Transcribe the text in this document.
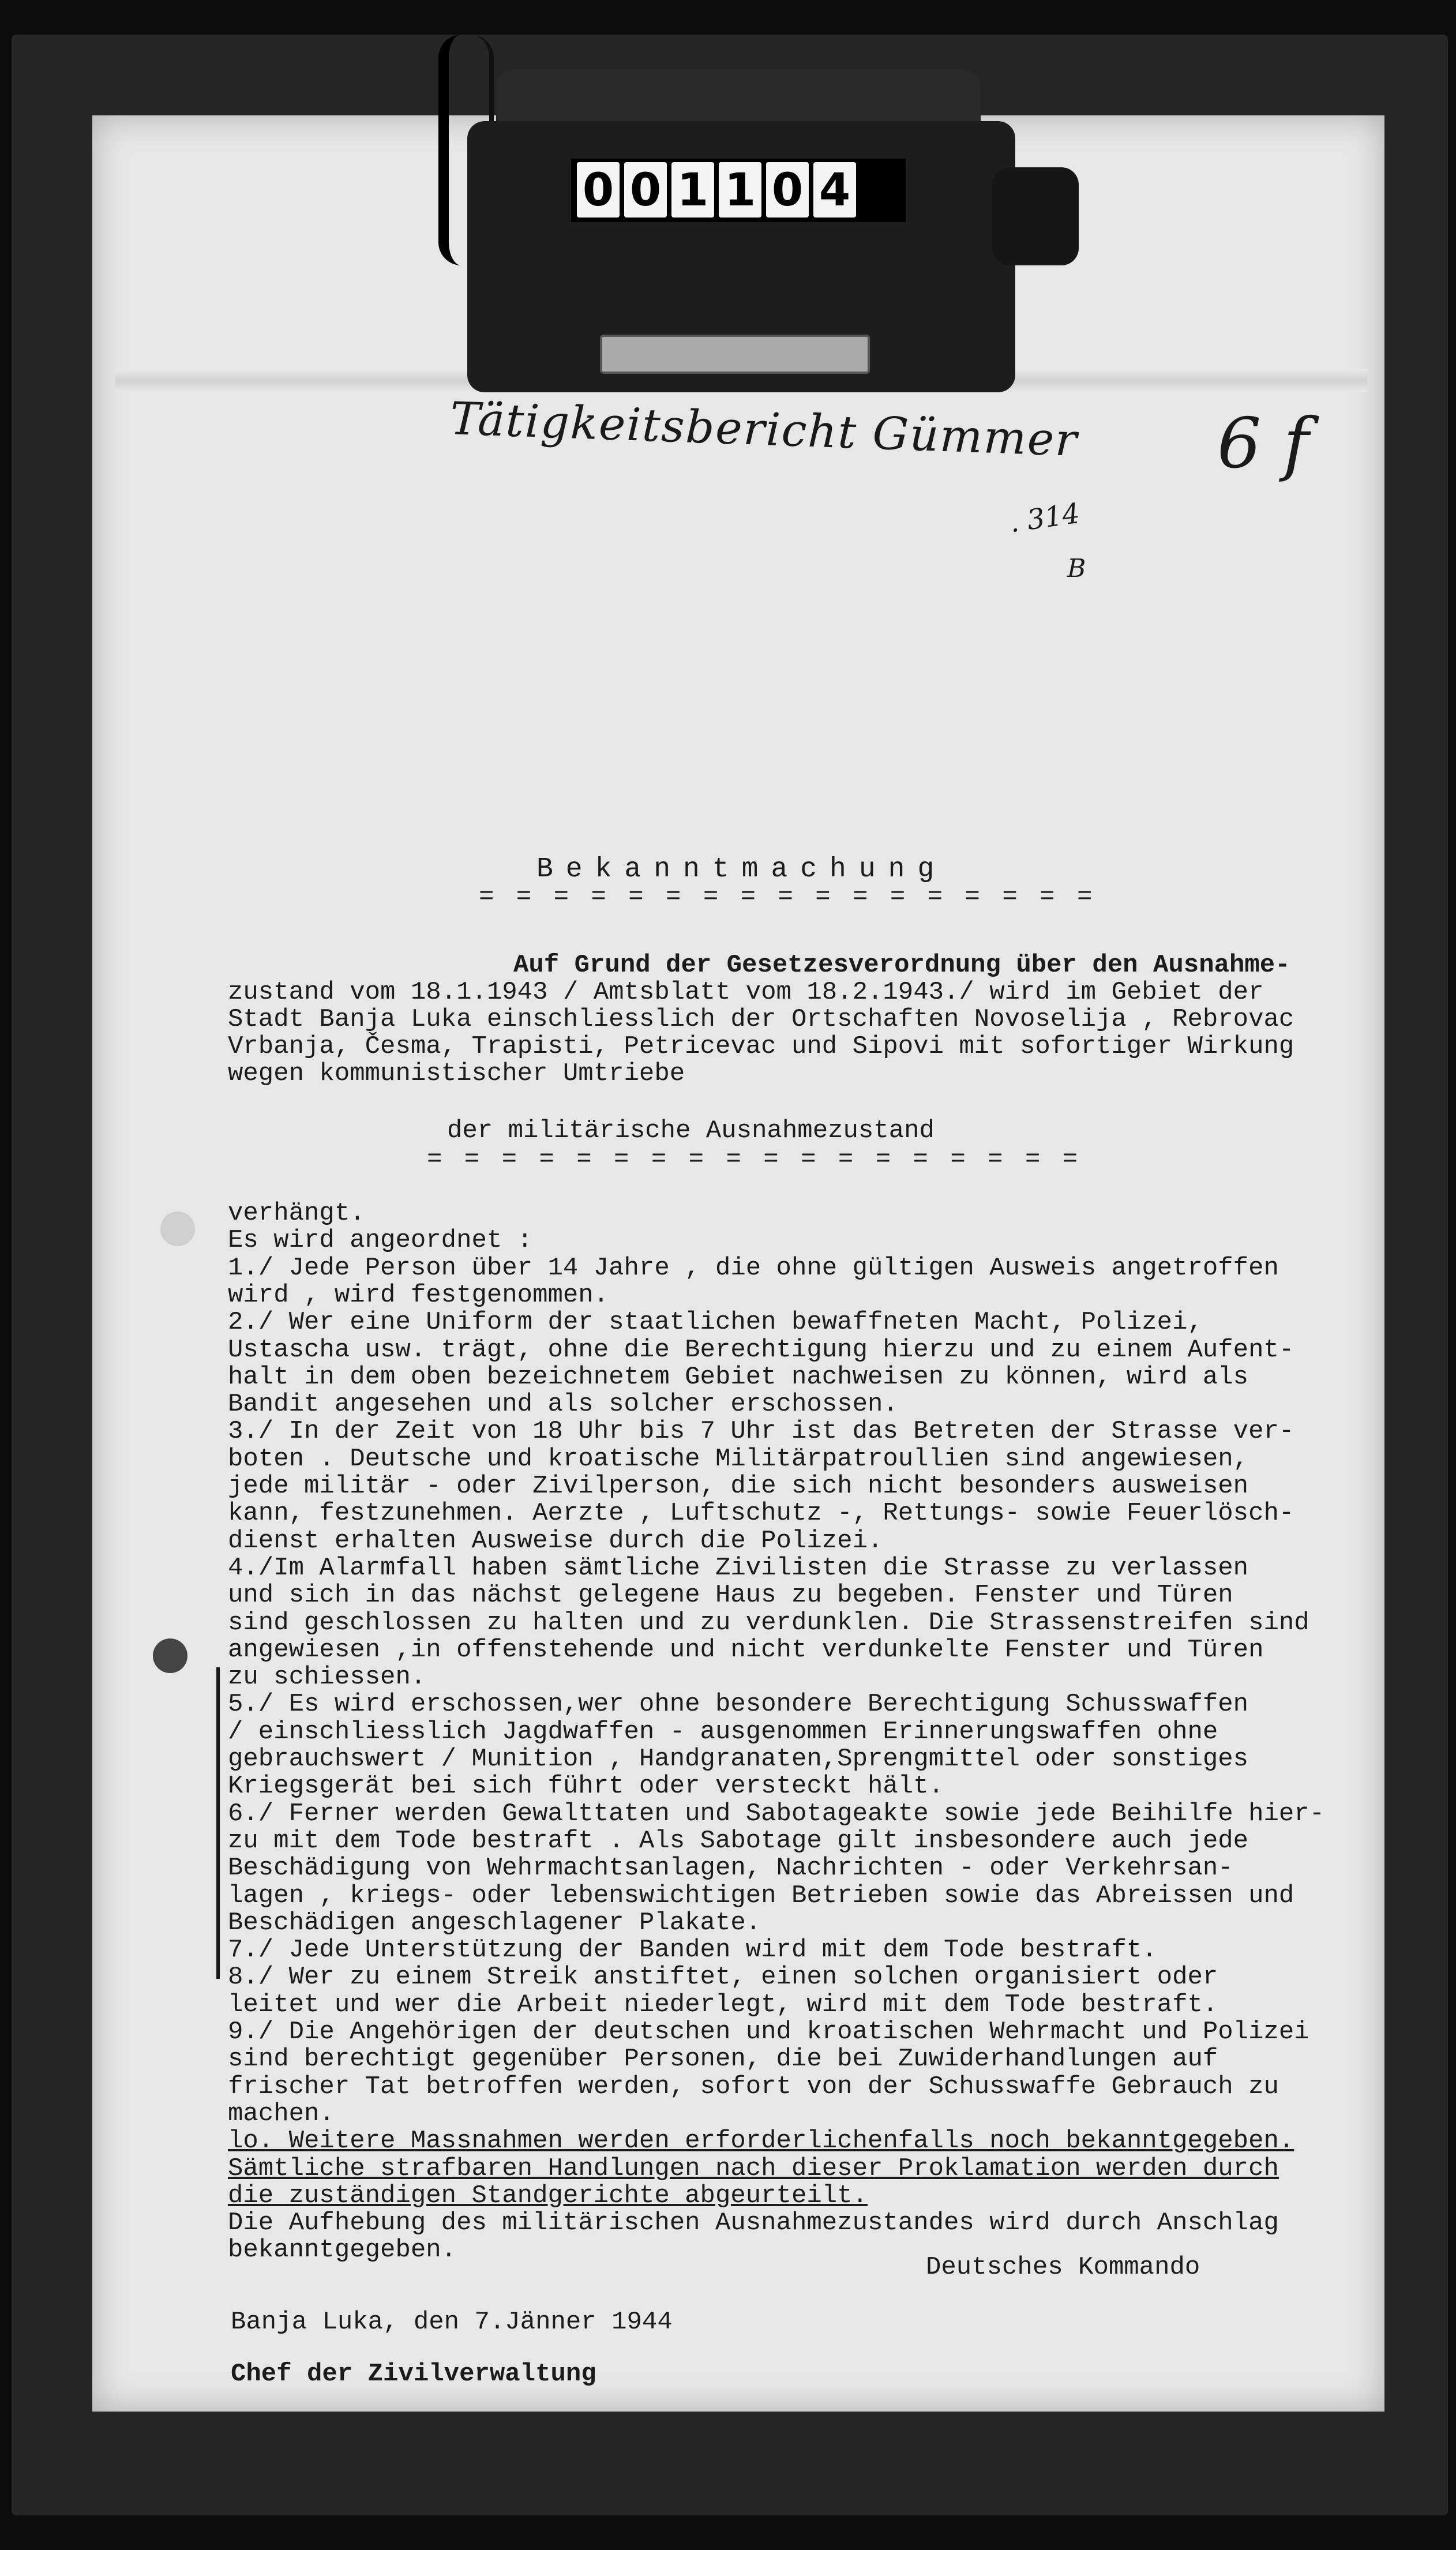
0 0 1 1 0 4
Tätigkeitsbericht Gümmer 6 f
. 314
B
Bekanntmachung
= = = = = = = = = = = = = = = = =
Auf Grund der Gesetzesverordnung über den Ausnahme-
zustand vom 18.1.1943 / Amtsblatt vom 18.2.1943./ wird im Gebiet der
Stadt Banja Luka einschliesslich der Ortschaften Novoselija , Rebrovac
Vrbanja, Česma, Trapisti, Petricevac und Sipovi mit sofortiger Wirkung
wegen kommunistischer Umtriebe
der militärische Ausnahmezustand
= = = = = = = = = = = = = = = = = =
verhängt.
Es wird angeordnet :
1./ Jede Person über 14 Jahre , die ohne gültigen Ausweis angetroffen
wird , wird festgenommen.
2./ Wer eine Uniform der staatlichen bewaffneten Macht, Polizei,
Ustascha usw. trägt, ohne die Berechtigung hierzu und zu einem Aufent-
halt in dem oben bezeichnetem Gebiet nachweisen zu können, wird als
Bandit angesehen und als solcher erschossen.
3./ In der Zeit von 18 Uhr bis 7 Uhr ist das Betreten der Strasse ver-
boten . Deutsche und kroatische Militärpatroullien sind angewiesen,
jede militär - oder Zivilperson, die sich nicht besonders ausweisen
kann, festzunehmen. Aerzte , Luftschutz -, Rettungs- sowie Feuerlösch-
dienst erhalten Ausweise durch die Polizei.
4./Im Alarmfall haben sämtliche Zivilisten die Strasse zu verlassen
und sich in das nächst gelegene Haus zu begeben. Fenster und Türen
sind geschlossen zu halten und zu verdunklen. Die Strassenstreifen sind
angewiesen ,in offenstehende und nicht verdunkelte Fenster und Türen
zu schiessen.
5./ Es wird erschossen,wer ohne besondere Berechtigung Schusswaffen
/ einschliesslich Jagdwaffen - ausgenommen Erinnerungswaffen ohne
gebrauchswert / Munition , Handgranaten,Sprengmittel oder sonstiges
Kriegsgerät bei sich führt oder versteckt hält.
6./ Ferner werden Gewalttaten und Sabotageakte sowie jede Beihilfe hier-
zu mit dem Tode bestraft . Als Sabotage gilt insbesondere auch jede
Beschädigung von Wehrmachtsanlagen, Nachrichten - oder Verkehrsan-
lagen , kriegs- oder lebenswichtigen Betrieben sowie das Abreissen und
Beschädigen angeschlagener Plakate.
7./ Jede Unterstützung der Banden wird mit dem Tode bestraft.
8./ Wer zu einem Streik anstiftet, einen solchen organisiert oder
leitet und wer die Arbeit niederlegt, wird mit dem Tode bestraft.
9./ Die Angehörigen der deutschen und kroatischen Wehrmacht und Polizei
sind berechtigt gegenüber Personen, die bei Zuwiderhandlungen auf
frischer Tat betroffen werden, sofort von der Schusswaffe Gebrauch zu
machen.
lo. Weitere Massnahmen werden erforderlichenfalls noch bekanntgegeben.
Sämtliche strafbaren Handlungen nach dieser Proklamation werden durch
die zuständigen Standgerichte abgeurteilt.
Die Aufhebung des militärischen Ausnahmezustandes wird durch Anschlag
bekanntgegeben.
Deutsches Kommando
Banja Luka, den 7.Jänner 1944
Chef der Zivilverwaltung
